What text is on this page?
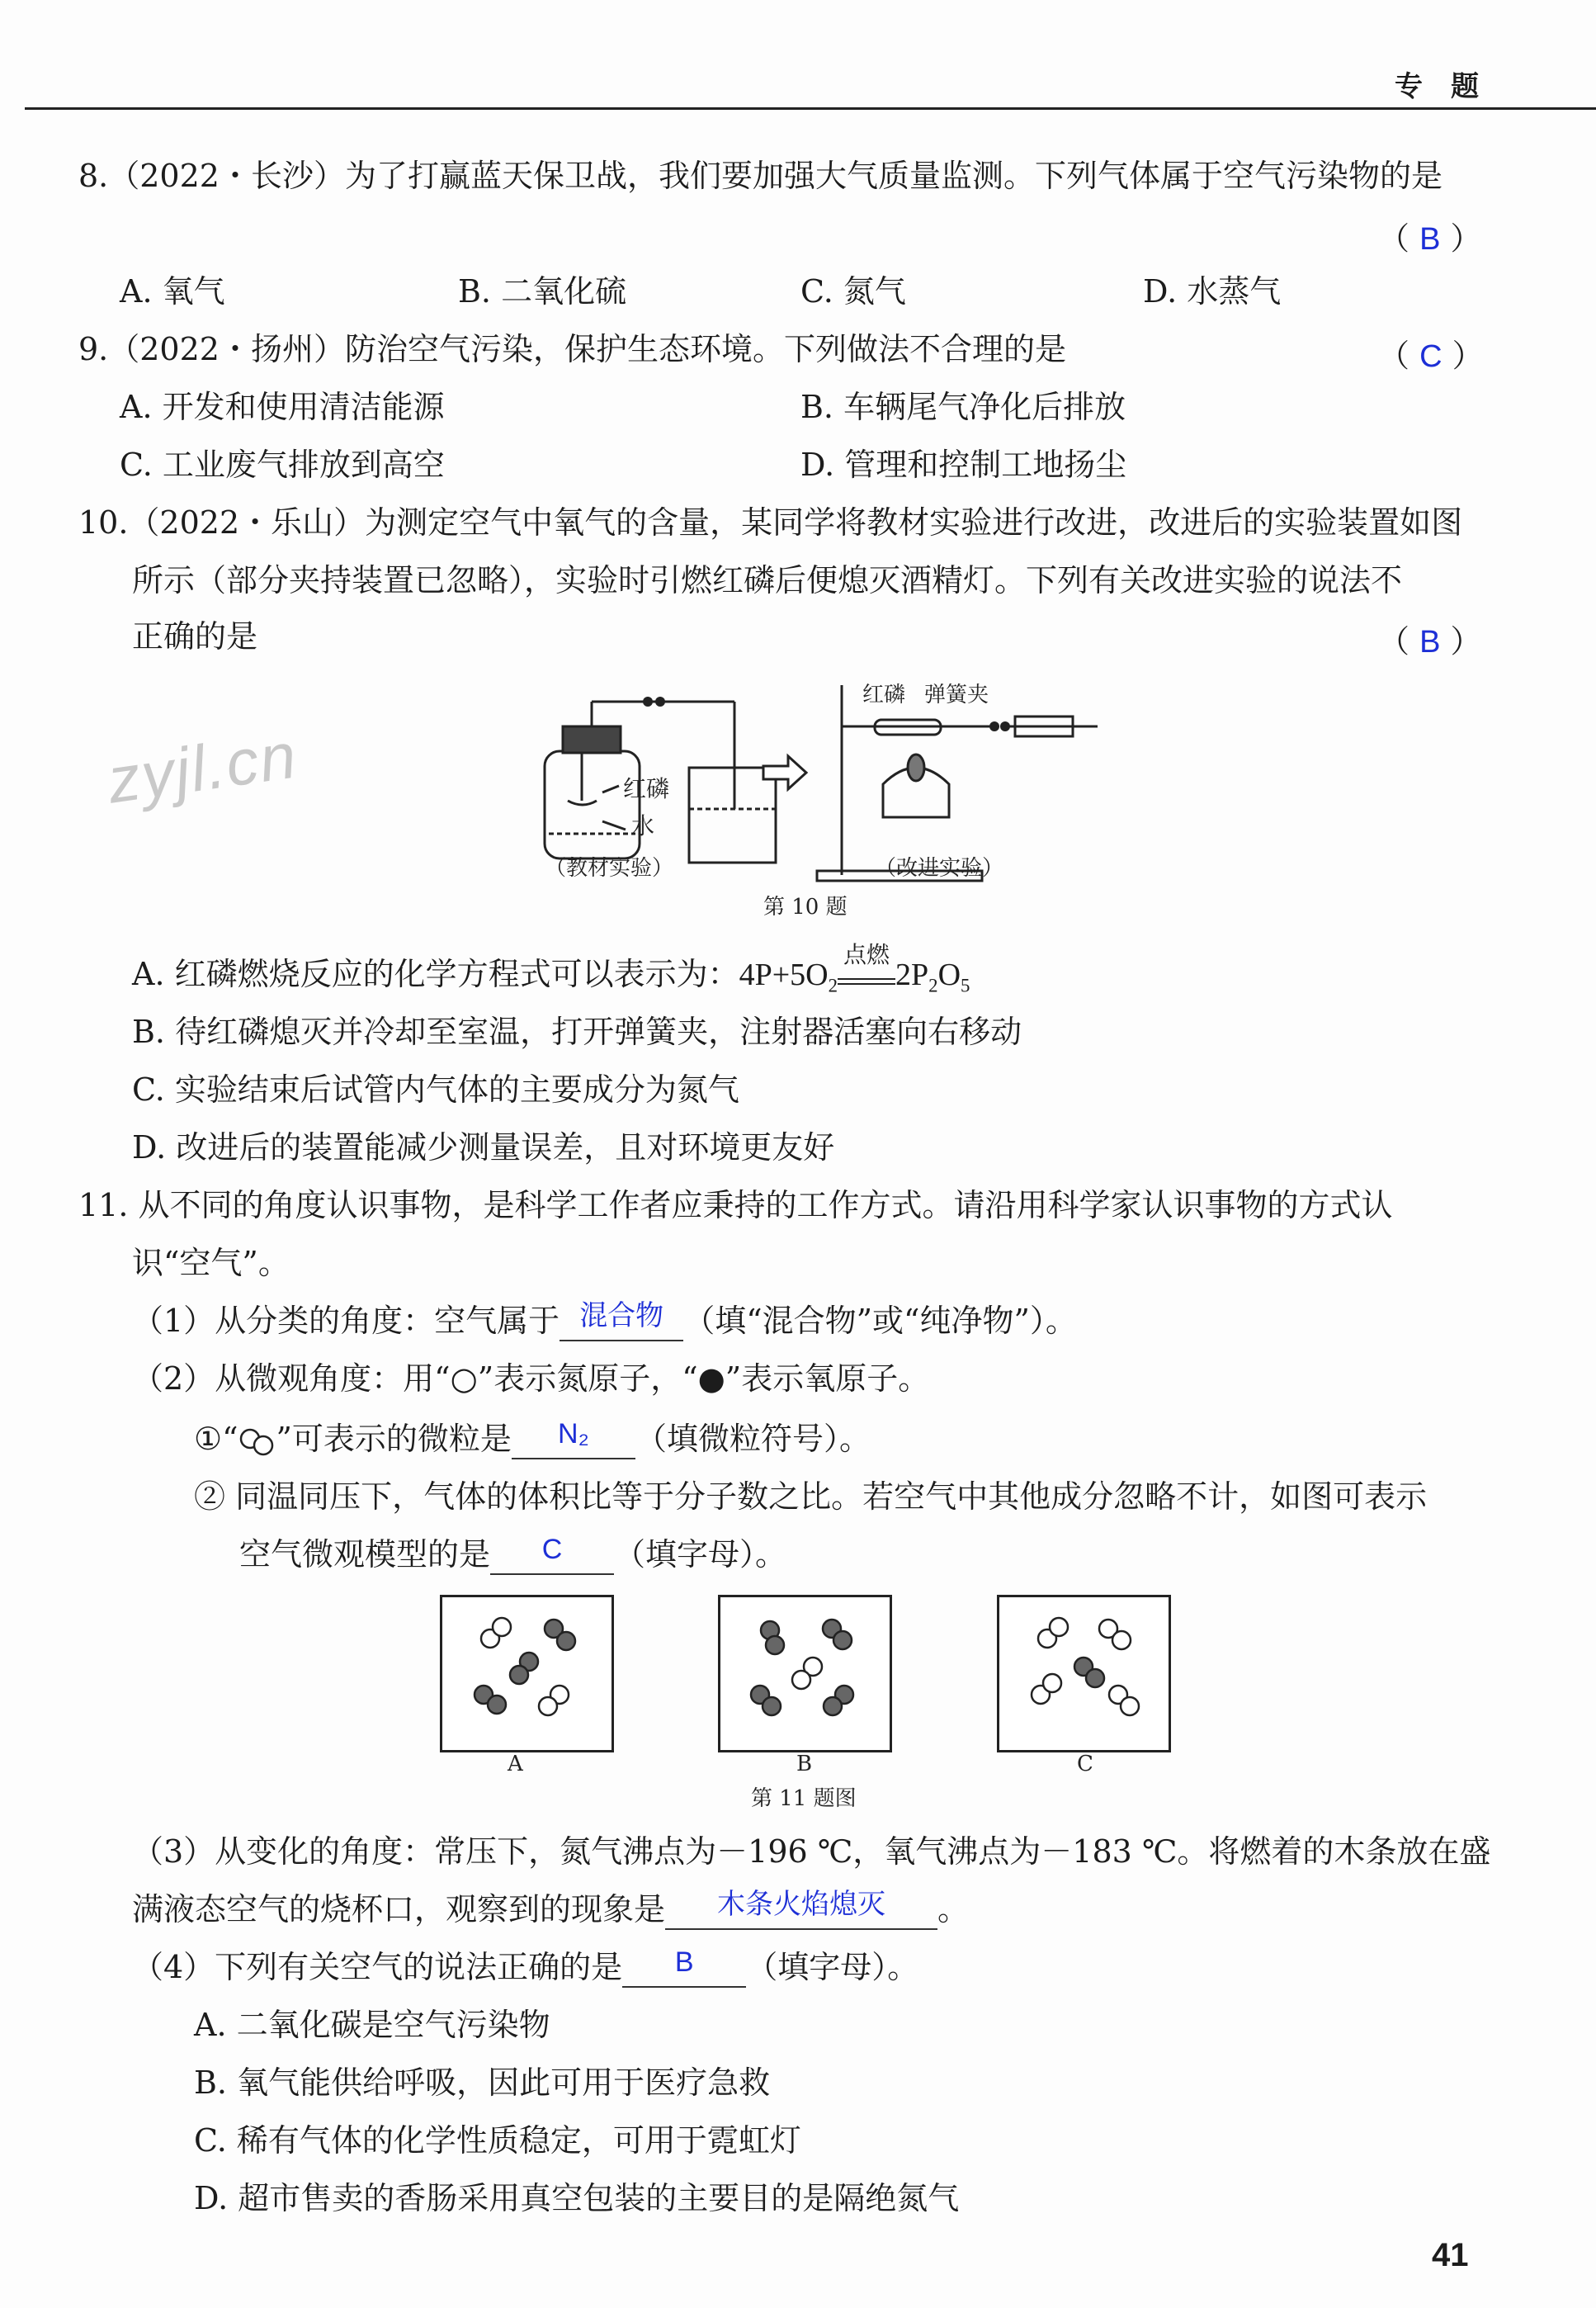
专　题
8.（2022・长沙）为了打赢蓝天保卫战，我们要加强大气质量监测。下列气体属于空气污染物的是
（ B ）
A. 氧气	B. 二氧化硫	C. 氮气	D. 水蒸气
9.（2022・扬州）防治空气污染，保护生态环境。下列做法不合理的是	（ C ）
A. 开发和使用清洁能源	B. 车辆尾气净化后排放
C. 工业废气排放到高空	D. 管理和控制工地扬尘
10.（2022・乐山）为测定空气中氧气的含量，某同学将教材实验进行改进，改进后的实验装置如图
所示（部分夹持装置已忽略），实验时引燃红磷后便熄灭酒精灯。下列有关改进实验的说法不
正确的是	（ B ）
zyjl.cn	红磷
水
（教材实验）
红磷 弹簧夹
（改进实验）
第 10 题
A. 红磷燃烧反应的化学方程式可以表示为：$4P+5O_2$
点燃
$2P_2O_5$
B. 待红磷熄灭并冷却至室温，打开弹簧夹，注射器活塞向右移动
C. 实验结束后试管内气体的主要成分为氮气
D. 改进后的装置能减少测量误差，且对环境更友好
11. 从不同的角度认识事物，是科学工作者应秉持的工作方式。请沿用科学家认识事物的方式认
识“空气”。
（1）从分类的角度：空气属于 混合物 （填“混合物”或“纯净物”）。
（2）从微观角度：用“○”表示氮原子，“●”表示氧原子。
①“ ”可表示的微粒是	N₂	（填微粒符号）。
② 同温同压下，气体的体积比等于分子数之比。若空气中其他成分忽略不计，如图可表示
空气微观模型的是	C	（填字母）。
A	B	C
第 11 题图
（3）从变化的角度：常压下，氮气沸点为－196 ℃，氧气沸点为－183 ℃。将燃着的木条放在盛
满液态空气的烧杯口，观察到的现象是	木条火焰熄灭	。
（4）下列有关空气的说法正确的是	B	（填字母）。
A. 二氧化碳是空气污染物
B. 氧气能供给呼吸，因此可用于医疗急救
C. 稀有气体的化学性质稳定，可用于霓虹灯
D. 超市售卖的香肠采用真空包装的主要目的是隔绝氮气
41
